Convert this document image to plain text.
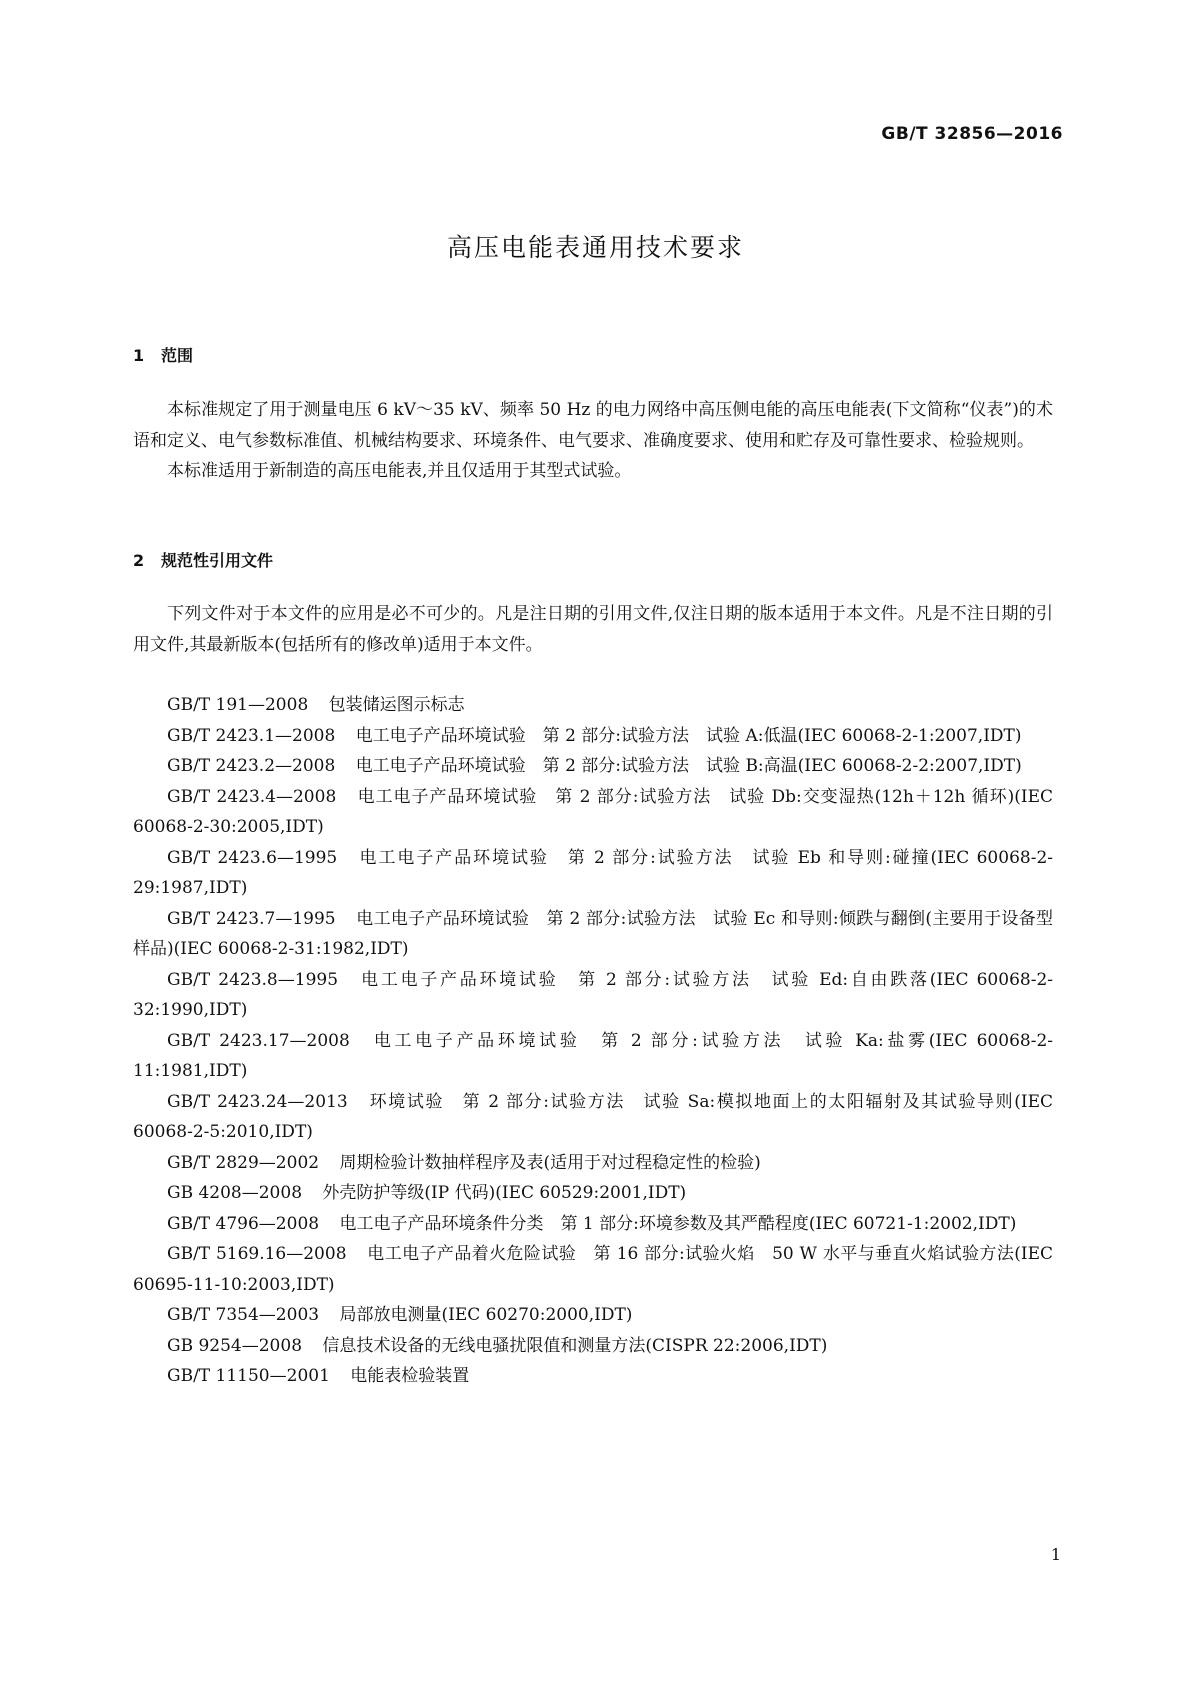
GB/T 32856—2016
高压电能表通用技术要求
1 范围

本标准规定了用于测量电压 6 kV～35 kV、频率 50 Hz 的电力网络中高压侧电能的高压电能表(下文简称“仪表”)的术语和定义、电气参数标准值、机械结构要求、环境条件、电气要求、准确度要求、使用和贮存及可靠性要求、检验规则。

本标准适用于新制造的高压电能表,并且仅适用于其型式试验。

2 规范性引用文件

下列文件对于本文件的应用是必不可少的。凡是注日期的引用文件,仅注日期的版本适用于本文件。凡是不注日期的引用文件,其最新版本(包括所有的修改单)适用于本文件。

GB/T 191—2008 包装储运图示标志
GB/T 2423.1—2008 电工电子产品环境试验　第 2 部分:试验方法　试验 A:低温(IEC 60068-2-1:2007,IDT)
GB/T 2423.2—2008 电工电子产品环境试验　第 2 部分:试验方法　试验 B:高温(IEC 60068-2-2:2007,IDT)
GB/T 2423.4—2008 电工电子产品环境试验　第 2 部分:试验方法　试验 Db:交变湿热(12h＋12h 循环)(IEC 60068-2-30:2005,IDT)
GB/T 2423.6—1995 电工电子产品环境试验　第 2 部分:试验方法　试验 Eb 和导则:碰撞(IEC 60068-2-29:1987,IDT)
GB/T 2423.7—1995 电工电子产品环境试验　第 2 部分:试验方法　试验 Ec 和导则:倾跌与翻倒(主要用于设备型样品)(IEC 60068-2-31:1982,IDT)
GB/T 2423.8—1995 电工电子产品环境试验　第 2 部分:试验方法　试验 Ed:自由跌落(IEC 60068-2-32:1990,IDT)
GB/T 2423.17—2008 电工电子产品环境试验　第 2 部分:试验方法　试验 Ka:盐雾(IEC 60068-2-11:1981,IDT)
GB/T 2423.24—2013 环境试验　第 2 部分:试验方法　试验 Sa:模拟地面上的太阳辐射及其试验导则(IEC 60068-2-5:2010,IDT)
GB/T 2829—2002 周期检验计数抽样程序及表(适用于对过程稳定性的检验)
GB 4208—2008 外壳防护等级(IP 代码)(IEC 60529:2001,IDT)
GB/T 4796—2008 电工电子产品环境条件分类　第 1 部分:环境参数及其严酷程度(IEC 60721-1:2002,IDT)
GB/T 5169.16—2008 电工电子产品着火危险试验　第 16 部分:试验火焰　50 W 水平与垂直火焰试验方法(IEC 60695-11-10:2003,IDT)
GB/T 7354—2003 局部放电测量(IEC 60270:2000,IDT)
GB 9254—2008 信息技术设备的无线电骚扰限值和测量方法(CISPR 22:2006,IDT)
GB/T 11150—2001 电能表检验装置
1
